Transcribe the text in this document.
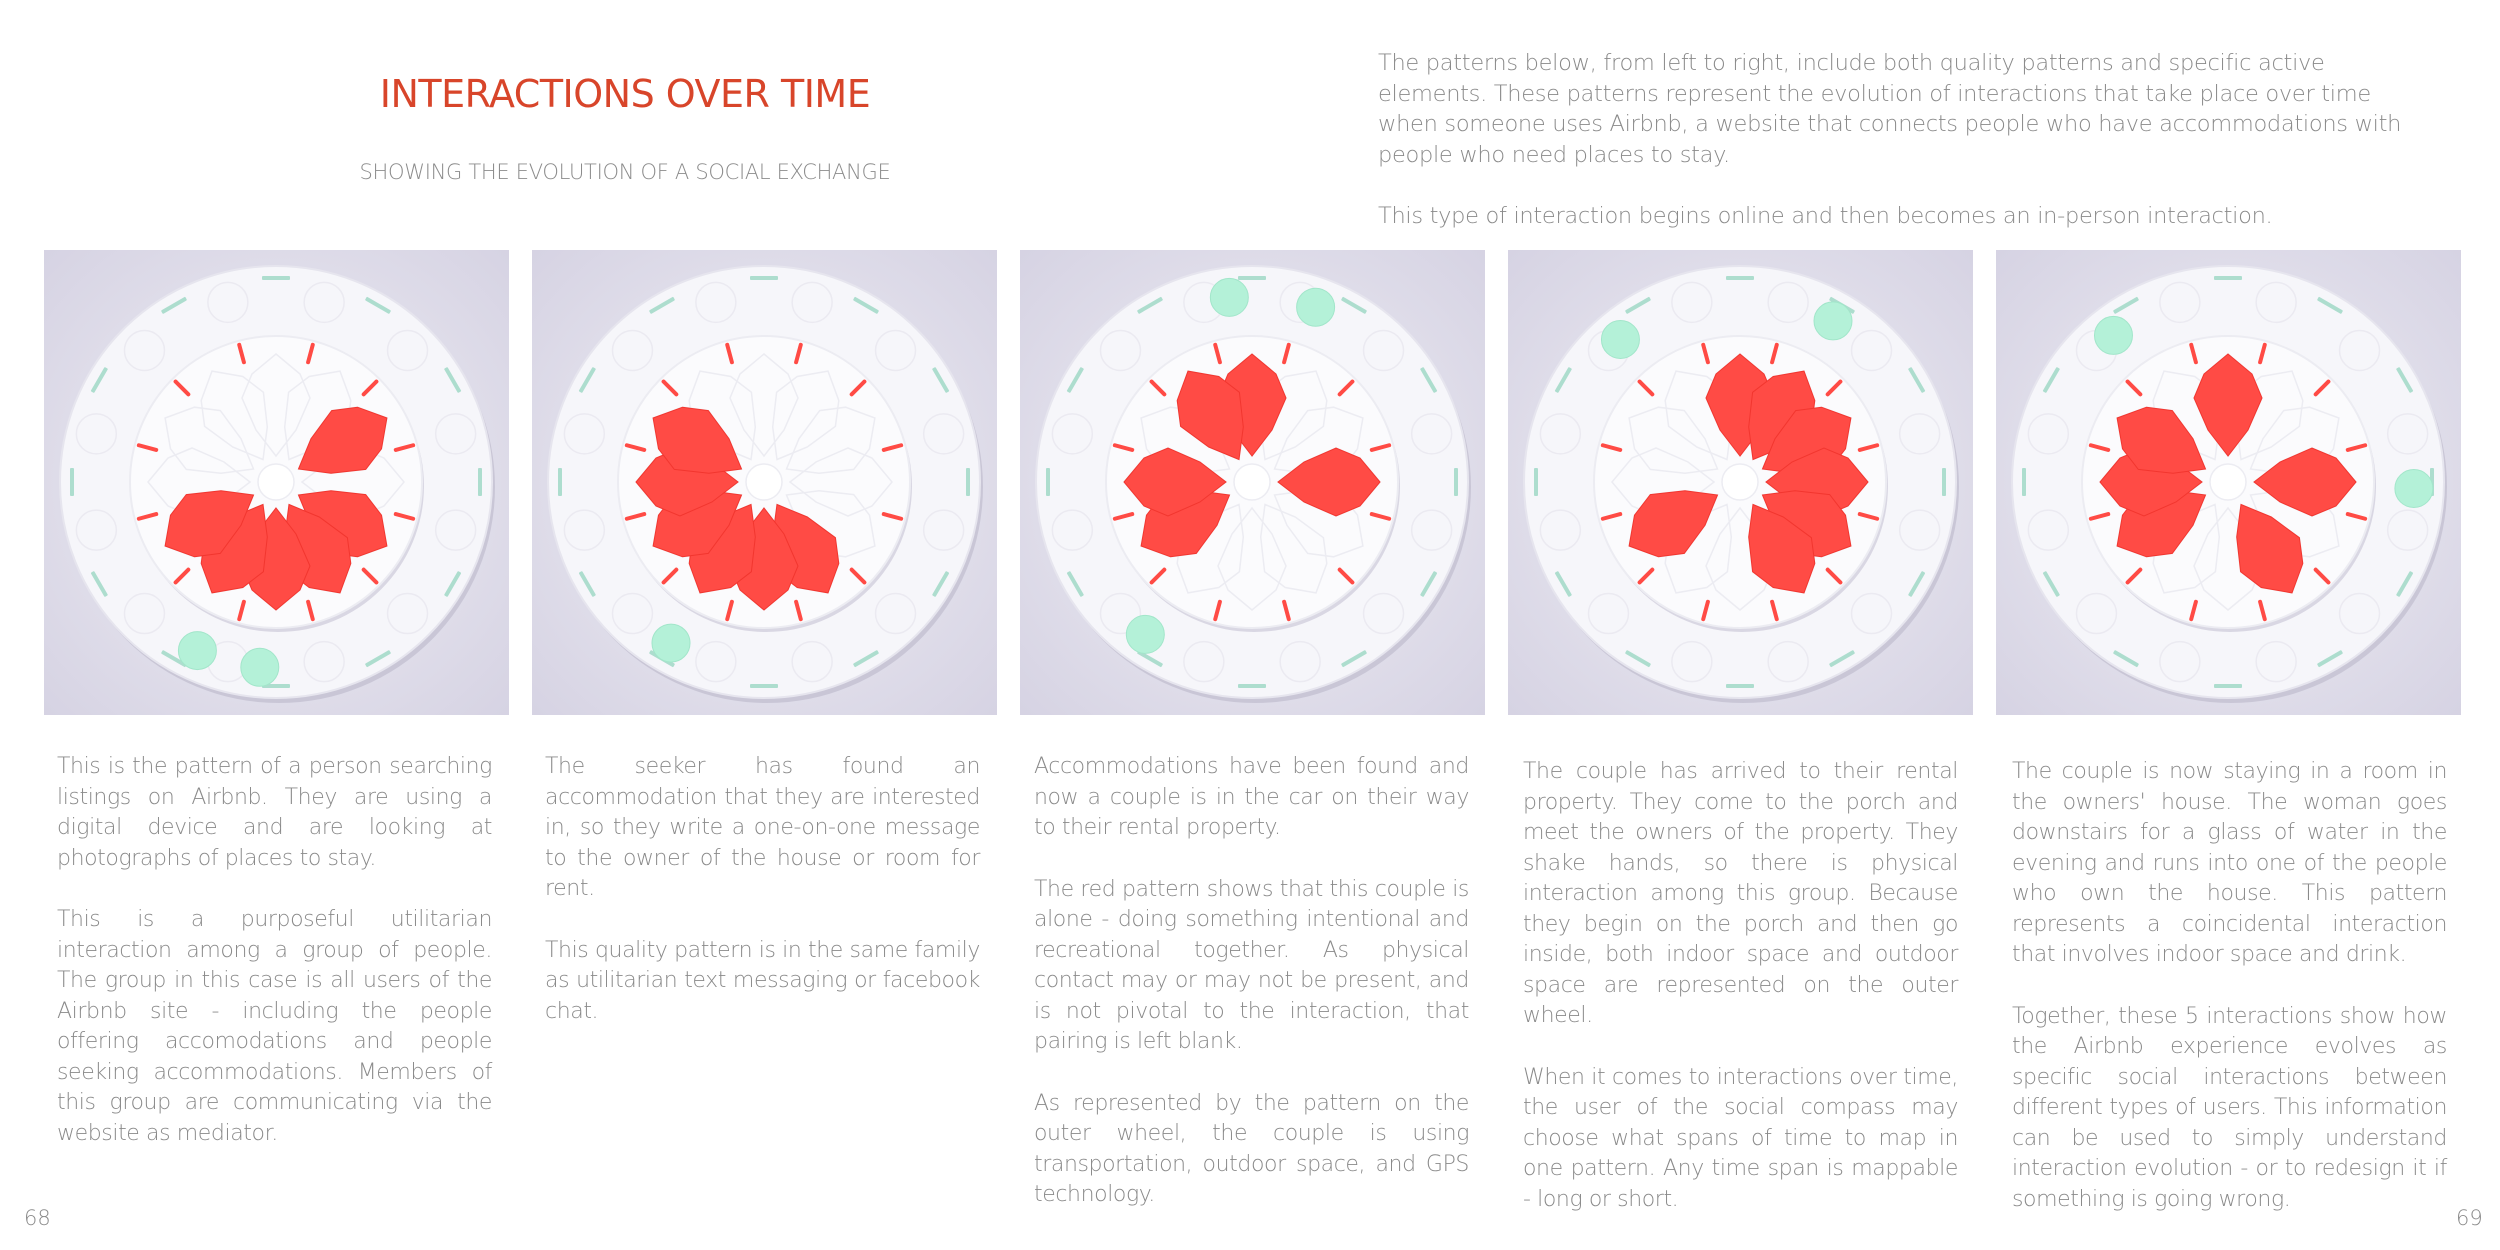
INTERACTIONS OVER TIME
SHOWING THE EVOLUTION OF A SOCIAL EXCHANGE

The patterns below, from left to right, include both quality patterns and specific active elements. These patterns represent the evolution of interactions that take place over time when someone uses Airbnb, a website that connects people who have accommodations with people who need places to stay.

This type of interaction begins online and then becomes an in-person interaction.

This is the pattern of a person searching listings on Airbnb. They are using a digital device and are looking at photographs of places to stay.

This is a purposeful utilitarian interaction among a group of people. The group in this case is all users of the Airbnb site - including the people offering accomodations and people seeking accommodations. Members of this group are communicating via the website as mediator.

The seeker has found an accommodation that they are interested in, so they write a one-on-one message to the owner of the house or room for rent.

This quality pattern is in the same family as utilitarian text messaging or facebook chat.

Accommodations have been found and now a couple is in the car on their way to their rental property.

The red pattern shows that this couple is alone - doing something intentional and recreational together. As physical contact may or may not be present, and is not pivotal to the interaction, that pairing is left blank.

As represented by the pattern on the outer wheel, the couple is using transportation, outdoor space, and GPS technology.

The couple has arrived to their rental property. They come to the porch and meet the owners of the property. They shake hands, so there is physical interaction among this group. Because they begin on the porch and then go inside, both indoor space and outdoor space are represented on the outer wheel.

When it comes to interactions over time, the user of the social compass may choose what spans of time to map in one pattern. Any time span is mappable - long or short.

The couple is now staying in a room in the owners' house. The woman goes downstairs for a glass of water in the evening and runs into one of the people who own the house. This pattern represents a coincidental interaction that involves indoor space and drink.

Together, these 5 interactions show how the Airbnb experience evolves as specific social interactions between different types of users. This information can be used to simply understand interaction evolution - or to redesign it if something is going wrong.

68	69
